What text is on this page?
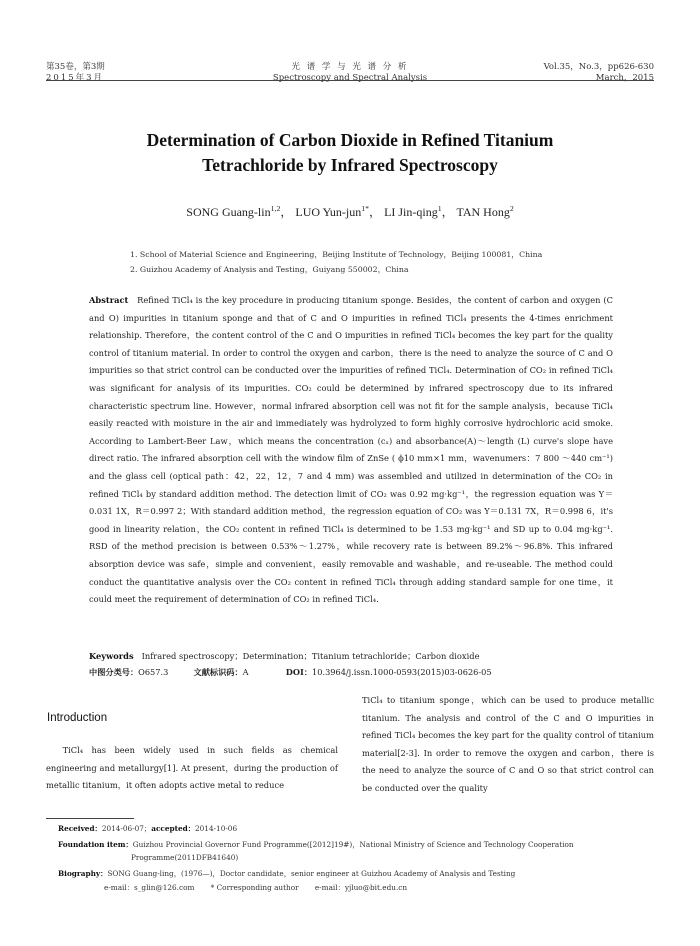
第35卷，第3期
2015年3月
光 谱 学 与 光 谱 分 析
Spectroscopy and Spectral Analysis
Vol.35，No.3，pp626-630
March，2015
Determination of Carbon Dioxide in Refined Titanium
Tetrachloride by Infrared Spectroscopy
SONG Guang-lin$^{1,2}$， LUO Yun-jun$^{1*}$， LI Jin-qing$^1$， TAN Hong$^2$
1. School of Material Science and Engineering，Beijing Institute of Technology，Beijing 100081，China
2. Guizhou Academy of Analysis and Testing，Guiyang 550002，China
Abstract Refined TiCl₄ is the key procedure in producing titanium sponge. Besides，the content of carbon and oxygen (C and O) impurities in titanium sponge and that of C and O impurities in refined TiCl₄ presents the 4-times enrichment relationship. Therefore，the content control of the C and O impurities in refined TiCl₄ becomes the key part for the quality control of titanium material. In order to control the oxygen and carbon，there is the need to analyze the source of C and O impurities so that strict control can be conducted over the impurities of refined TiCl₄. Determination of CO₂ in refined TiCl₄ was significant for analysis of its impurities. CO₂ could be determined by infrared spectroscopy due to its infrared characteristic spectrum line. However，normal infrared absorption cell was not fit for the sample analysis，because TiCl₄ easily reacted with moisture in the air and immediately was hydrolyzed to form highly corrosive hydrochloric acid smoke. According to Lambert-Beer Law，which means the concentration (cₓ) and absorbance(A)～length (L) curve's slope have direct ratio. The infrared absorption cell with the window film of ZnSe ( ϕ10 mm×1 mm，wavenumers：7 800 ～440 cm⁻¹) and the glass cell (optical path：42，22，12，7 and 4 mm) was assembled and utilized in determination of the CO₂ in refined TiCl₄ by standard addition method. The detection limit of CO₂ was 0.92 mg·kg⁻¹，the regression equation was Y＝0.031 1X，R＝0.997 2；With standard addition method，the regression equation of CO₂ was Y＝0.131 7X，R＝0.998 6，it's good in linearity relation，the CO₂ content in refined TiCl₄ is determined to be 1.53 mg·kg⁻¹ and SD up to 0.04 mg·kg⁻¹. RSD of the method precision is between 0.53%～1.27%，while recovery rate is between 89.2%～96.8%. This infrared absorption device was safe，simple and convenient，easily removable and washable，and re-useable. The method could conduct the quantitative analysis over the CO₂ content in refined TiCl₄ through adding standard sample for one time，it could meet the requirement of determination of CO₂ in refined TiCl₄.
Keywords Infrared spectroscopy；Determination；Titanium tetrachloride；Carbon dioxide
中图分类号：O657.3	文献标识码：A	DOI：10.3964/j.issn.1000-0593(2015)03-0626-05
Introduction
TiCl₄ has been widely used in such fields as chemical engineering and metallurgy[1]. At present，during the production of metallic titanium，it often adopts active metal to reduce
TiCl₄ to titanium sponge，which can be used to produce metallic titanium. The analysis and control of the C and O impurities in refined TiCl₄ becomes the key part for the quality control of titanium material[2-3]. In order to remove the oxygen and carbon，there is the need to analyze the source of C and O so that strict control can be conducted over the quality
Received：2014-06-07；accepted：2014-10-06
Foundation item：Guizhou Provincial Governor Fund Programme([2012]19#)，National Ministry of Science and Technology Cooperation Programme(2011DFB41640)
Biography：SONG Guang-ling，(1976—)，Doctor candidate，senior engineer at Guizhou Academy of Analysis and Testing
e-mail：s_glin@126.com       * Corresponding author       e-mail：yjluo@bit.edu.cn
